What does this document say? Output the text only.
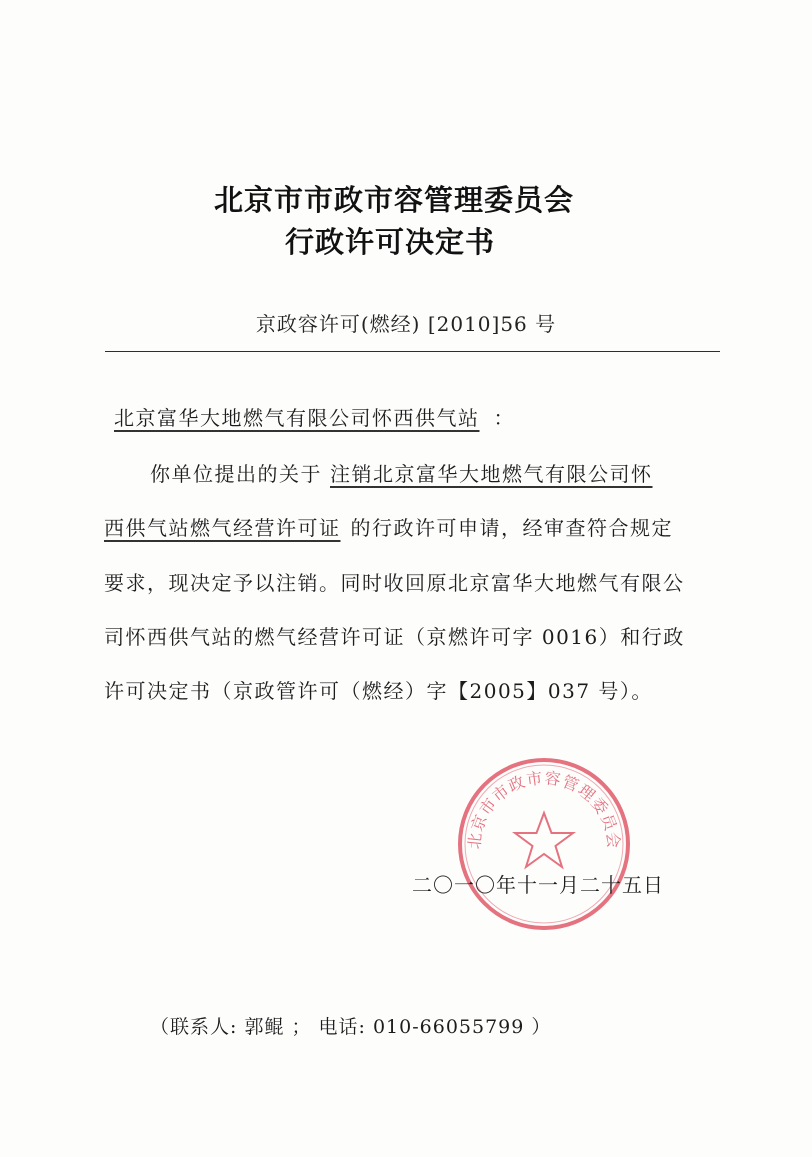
北京市市政市容管理委员会
行政许可决定书
京政容许可(燃经) [2010]56 号
北京富华大地燃气有限公司怀西供气站 ：
你单位提出的关于 注销北京富华大地燃气有限公司怀
西供气站燃气经营许可证 的行政许可申请，经审查符合规定
要求，现决定予以注销。同时收回原北京富华大地燃气有限公
司怀西供气站的燃气经营许可证（京燃许可字 0016）和行政
许可决定书（京政管许可（燃经）字【2005】037 号）。
北京市市政市容管理委员会
二〇一〇年十一月二十五日
（联系人: 郭鲲 ； 电话: 010-66055799 ）
